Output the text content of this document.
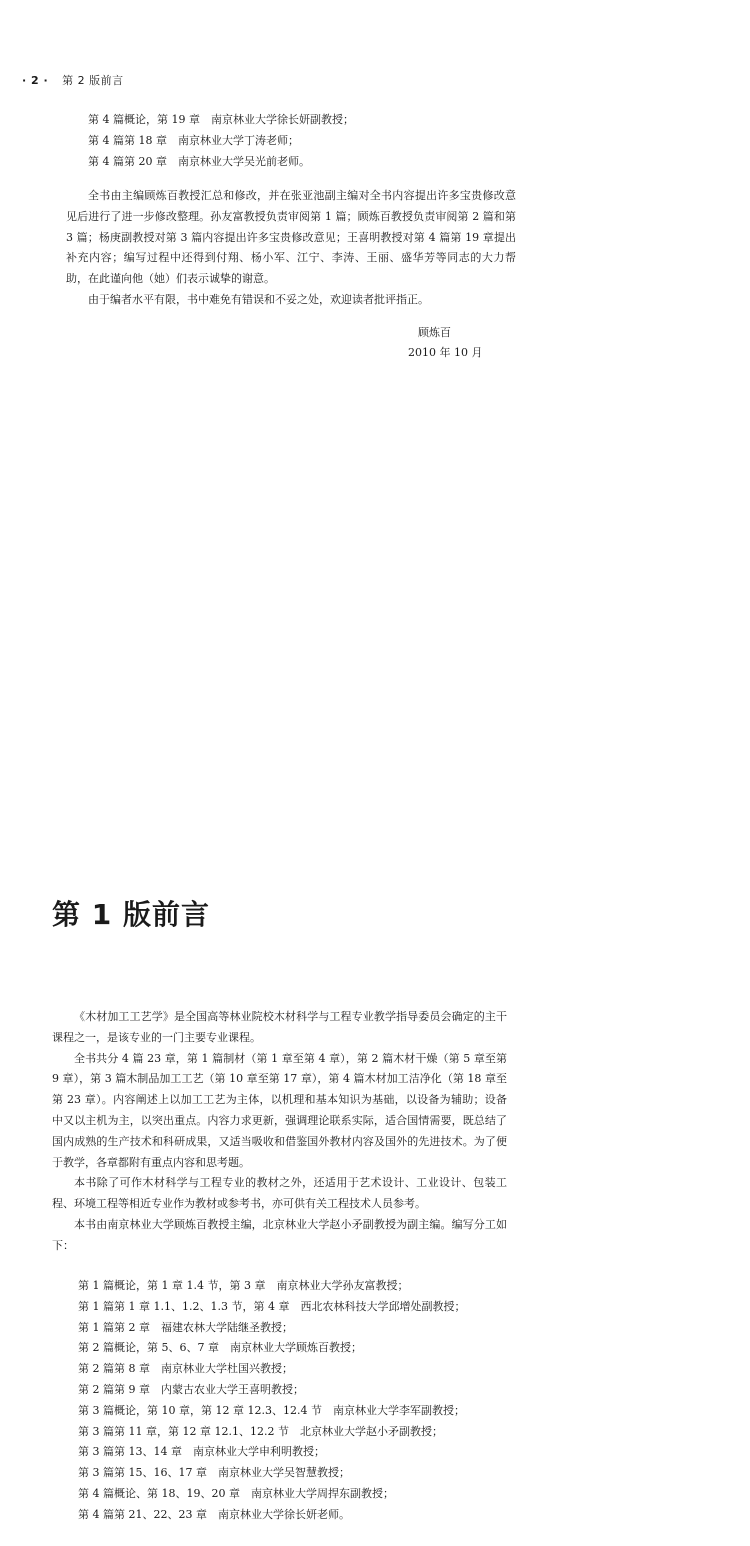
· 2 · 第 2 版前言

第 4 篇概论，第 19 章　南京林业大学徐长妍副教授；

第 4 篇第 18 章　南京林业大学丁涛老师；

第 4 篇第 20 章　南京林业大学吴光前老师。

全书由主编顾炼百教授汇总和修改，并在张亚池副主编对全书内容提出许多宝贵修改意见后进行了进一步修改整理。孙友富教授负责审阅第 1 篇；顾炼百教授负责审阅第 2 篇和第 3 篇；杨庚副教授对第 3 篇内容提出许多宝贵修改意见；王喜明教授对第 4 篇第 19 章提出补充内容；编写过程中还得到付翔、杨小军、江宁、李涛、王丽、盛华芳等同志的大力帮助，在此谨向他（她）们表示诚挚的谢意。

由于编者水平有限，书中难免有错误和不妥之处，欢迎读者批评指正。

顾炼百
2010 年 10 月
第 1 版前言

《木材加工工艺学》是全国高等林业院校木材科学与工程专业教学指导委员会确定的主干课程之一，是该专业的一门主要专业课程。

全书共分 4 篇 23 章，第 1 篇制材（第 1 章至第 4 章），第 2 篇木材干燥（第 5 章至第 9 章），第 3 篇木制品加工工艺（第 10 章至第 17 章），第 4 篇木材加工洁净化（第 18 章至第 23 章）。内容阐述上以加工工艺为主体，以机理和基本知识为基础，以设备为辅助；设备中又以主机为主，以突出重点。内容力求更新，强调理论联系实际，适合国情需要，既总结了国内成熟的生产技术和科研成果，又适当吸收和借鉴国外教材内容及国外的先进技术。为了便于教学，各章都附有重点内容和思考题。

本书除了可作木材科学与工程专业的教材之外，还适用于艺术设计、工业设计、包装工程、环境工程等相近专业作为教材或参考书，亦可供有关工程技术人员参考。

本书由南京林业大学顾炼百教授主编，北京林业大学赵小矛副教授为副主编。编写分工如下：

第 1 篇概论，第 1 章 1.4 节，第 3 章　南京林业大学孙友富教授；

第 1 篇第 1 章 1.1、1.2、1.3 节，第 4 章　西北农林科技大学邱增处副教授；

第 1 篇第 2 章　福建农林大学陆继圣教授；

第 2 篇概论，第 5、6、7 章　南京林业大学顾炼百教授；

第 2 篇第 8 章　南京林业大学杜国兴教授；

第 2 篇第 9 章　内蒙古农业大学王喜明教授；

第 3 篇概论，第 10 章，第 12 章 12.3、12.4 节　南京林业大学李军副教授；

第 3 篇第 11 章，第 12 章 12.1、12.2 节　北京林业大学赵小矛副教授；

第 3 篇第 13、14 章　南京林业大学申利明教授；

第 3 篇第 15、16、17 章　南京林业大学吴智慧教授；

第 4 篇概论、第 18、19、20 章　南京林业大学周捍东副教授；

第 4 篇第 21、22、23 章　南京林业大学徐长妍老师。
